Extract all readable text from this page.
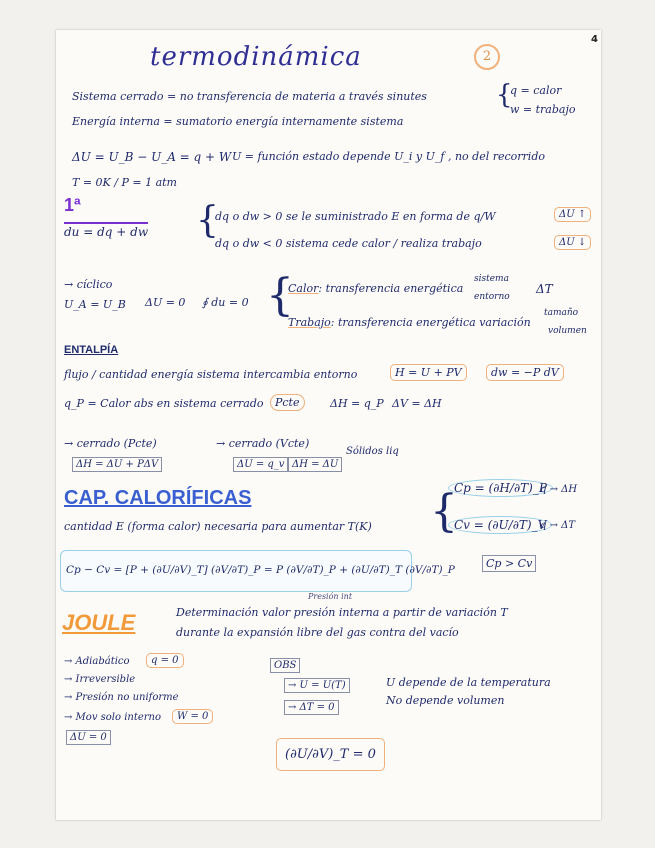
4
termodinámica	2
Sistema cerrado = no transferencia de materia a través sinutes
Energía interna = sumatorio energía internamente sistema
{
q = calor
w = trabajo
ΔU = U_B − U_A = q + W U = función estado depende U_i y U_f , no del recorrido
T = 0K / P = 1 atm
1ª
du = dq + dw {
dq o dw > 0 se le suministrado E en forma de q/W	ΔU ↑
dq o dw < 0 sistema cede calor / realiza trabajo	ΔU ↓
→ cíclico
U_A = U_B ΔU = 0 ∮ du = 0 {
Calor: transferencia energética
sistema
entorno
ΔT
Trabajo: transferencia energética variación
tamaño
volumen
ENTALPÍA
flujo / cantidad energía sistema intercambia entorno	H = U + PV	dw = −P dV
q_P = Calor abs en sistema cerrado	Pcte	ΔH = q_P ΔV = ΔH
→ cerrado (Pcte)
ΔH = ΔU + PΔV
→ cerrado (Vcte)
ΔU = q_v ΔH = ΔU
Sólidos liq
CAP. CALORÍFICAS
cantidad E (forma calor) necesaria para aumentar T(K) {
Cp = (∂H/∂T)_P
q → ΔH
Cv = (∂U/∂T)_V
q → ΔT
Cp > Cv
Cp − Cv = [P + (∂U/∂V)_T] (∂V/∂T)_P = P (∂V/∂T)_P + (∂U/∂T)_T (∂V/∂T)_P
Presión int
JOULE	Determinación valor presión interna a partir de variación T
durante la expansión libre del gas contra del vacío
→ Adiabático	q = 0
→ Irreversible
→ Presión no uniforme
→ Mov solo interno	W = 0
ΔU = 0
OBS
→ U = U(T)
→ ΔT = 0
U depende de la temperatura
No depende volumen
(∂U/∂V)_T = 0
